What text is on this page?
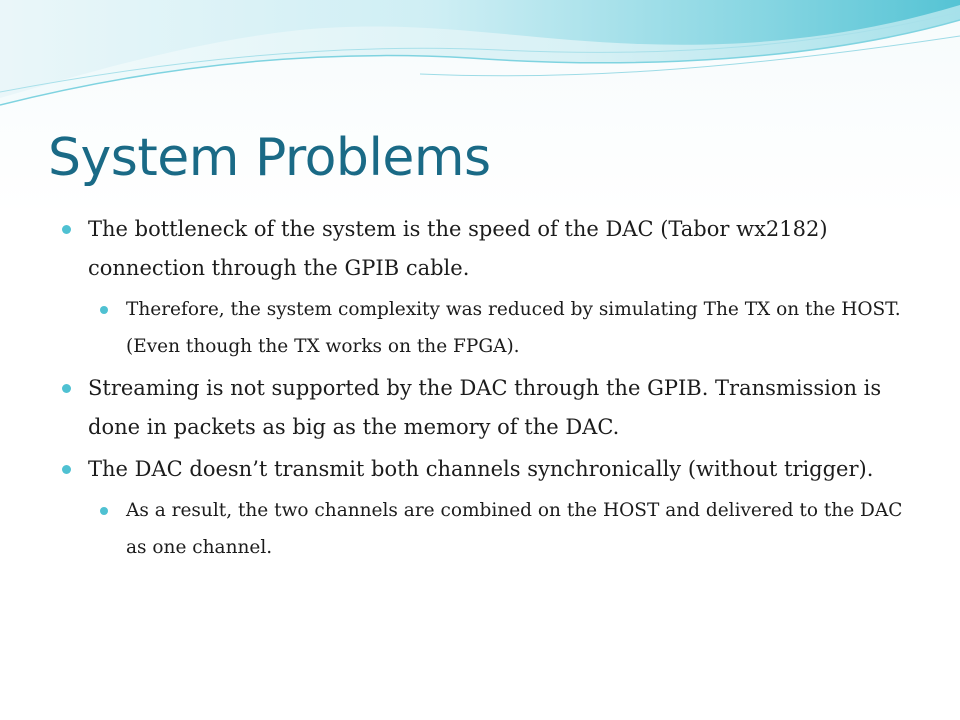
System Problems
The bottleneck of the system is the speed of the DAC (Tabor wx2182) connection through the GPIB cable.
Therefore, the system complexity was reduced by simulating The TX on the HOST. (Even though the TX works on the FPGA).
Streaming is not supported by the DAC through the GPIB. Transmission is done in packets as big as the memory of the DAC.
The DAC doesn’t transmit both channels synchronically (without trigger).
As a result, the two channels are combined on the HOST and delivered to the DAC as one channel.
